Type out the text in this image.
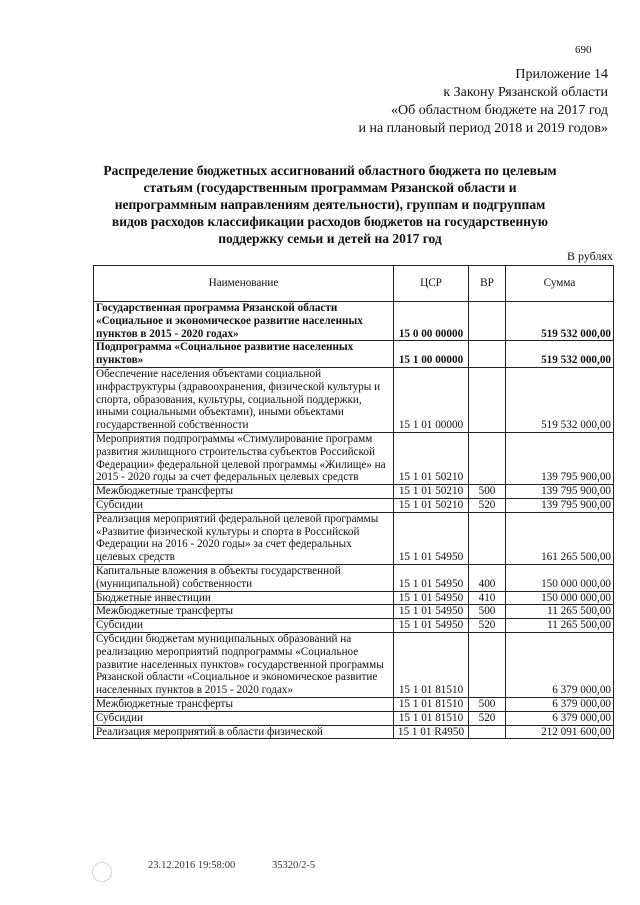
690
Приложение 14
к Закону Рязанской области
«Об областном бюджете на 2017 год
и на плановый период 2018 и 2019 годов»
Распределение бюджетных ассигнований областного бюджета по целевым
статьям (государственным программам Рязанской области и
непрограммным направлениям деятельности), группам и подгруппам
видов расходов классификации расходов бюджетов на государственную
поддержку семьи и детей на 2017 год
В рублях
Наименование	ЦСР	ВР	Сумма
Государственная программа Рязанской области «Социальное и экономическое развитие населенных пунктов в 2015 - 2020 годах»	15 0 00 00000		519 532 000,00
Подпрограмма «Социальное развитие населенных пунктов»	15 1 00 00000		519 532 000,00
Обеспечение населения объектами социальной инфраструктуры (здравоохранения, физической культуры и спорта, образования, культуры, социальной поддержки, иными социальными объектами), иными объектами государственной собственности	15 1 01 00000		519 532 000,00
Мероприятия подпрограммы «Стимулирование программ развития жилищного строительства субъектов Российской Федерации» федеральной целевой программы «Жилище» на 2015 - 2020 годы за счет федеральных целевых средств	15 1 01 50210		139 795 900,00
Межбюджетные трансферты	15 1 01 50210	500	139 795 900,00
Субсидии	15 1 01 50210	520	139 795 900,00
Реализация мероприятий федеральной целевой программы «Развитие физической культуры и спорта в Российской Федерации на 2016 - 2020 годы» за счет федеральных целевых средств	15 1 01 54950		161 265 500,00
Капитальные вложения в объекты государственной (муниципальной) собственности	15 1 01 54950	400	150 000 000,00
Бюджетные инвестиции	15 1 01 54950	410	150 000 000,00
Межбюджетные трансферты	15 1 01 54950	500	11 265 500,00
Субсидии	15 1 01 54950	520	11 265 500,00
Субсидии бюджетам муниципальных образований на реализацию мероприятий подпрограммы «Социальное развитие населенных пунктов» государственной программы Рязанской области «Социальное и экономическое развитие населенных пунктов в 2015 - 2020 годах»	15 1 01 81510		6 379 000,00
Межбюджетные трансферты	15 1 01 81510	500	6 379 000,00
Субсидии	15 1 01 81510	520	6 379 000,00
Реализация мероприятий в области физической	15 1 01 R4950		212 091 600,00
23.12.2016 19:58:00	35320/2-5
